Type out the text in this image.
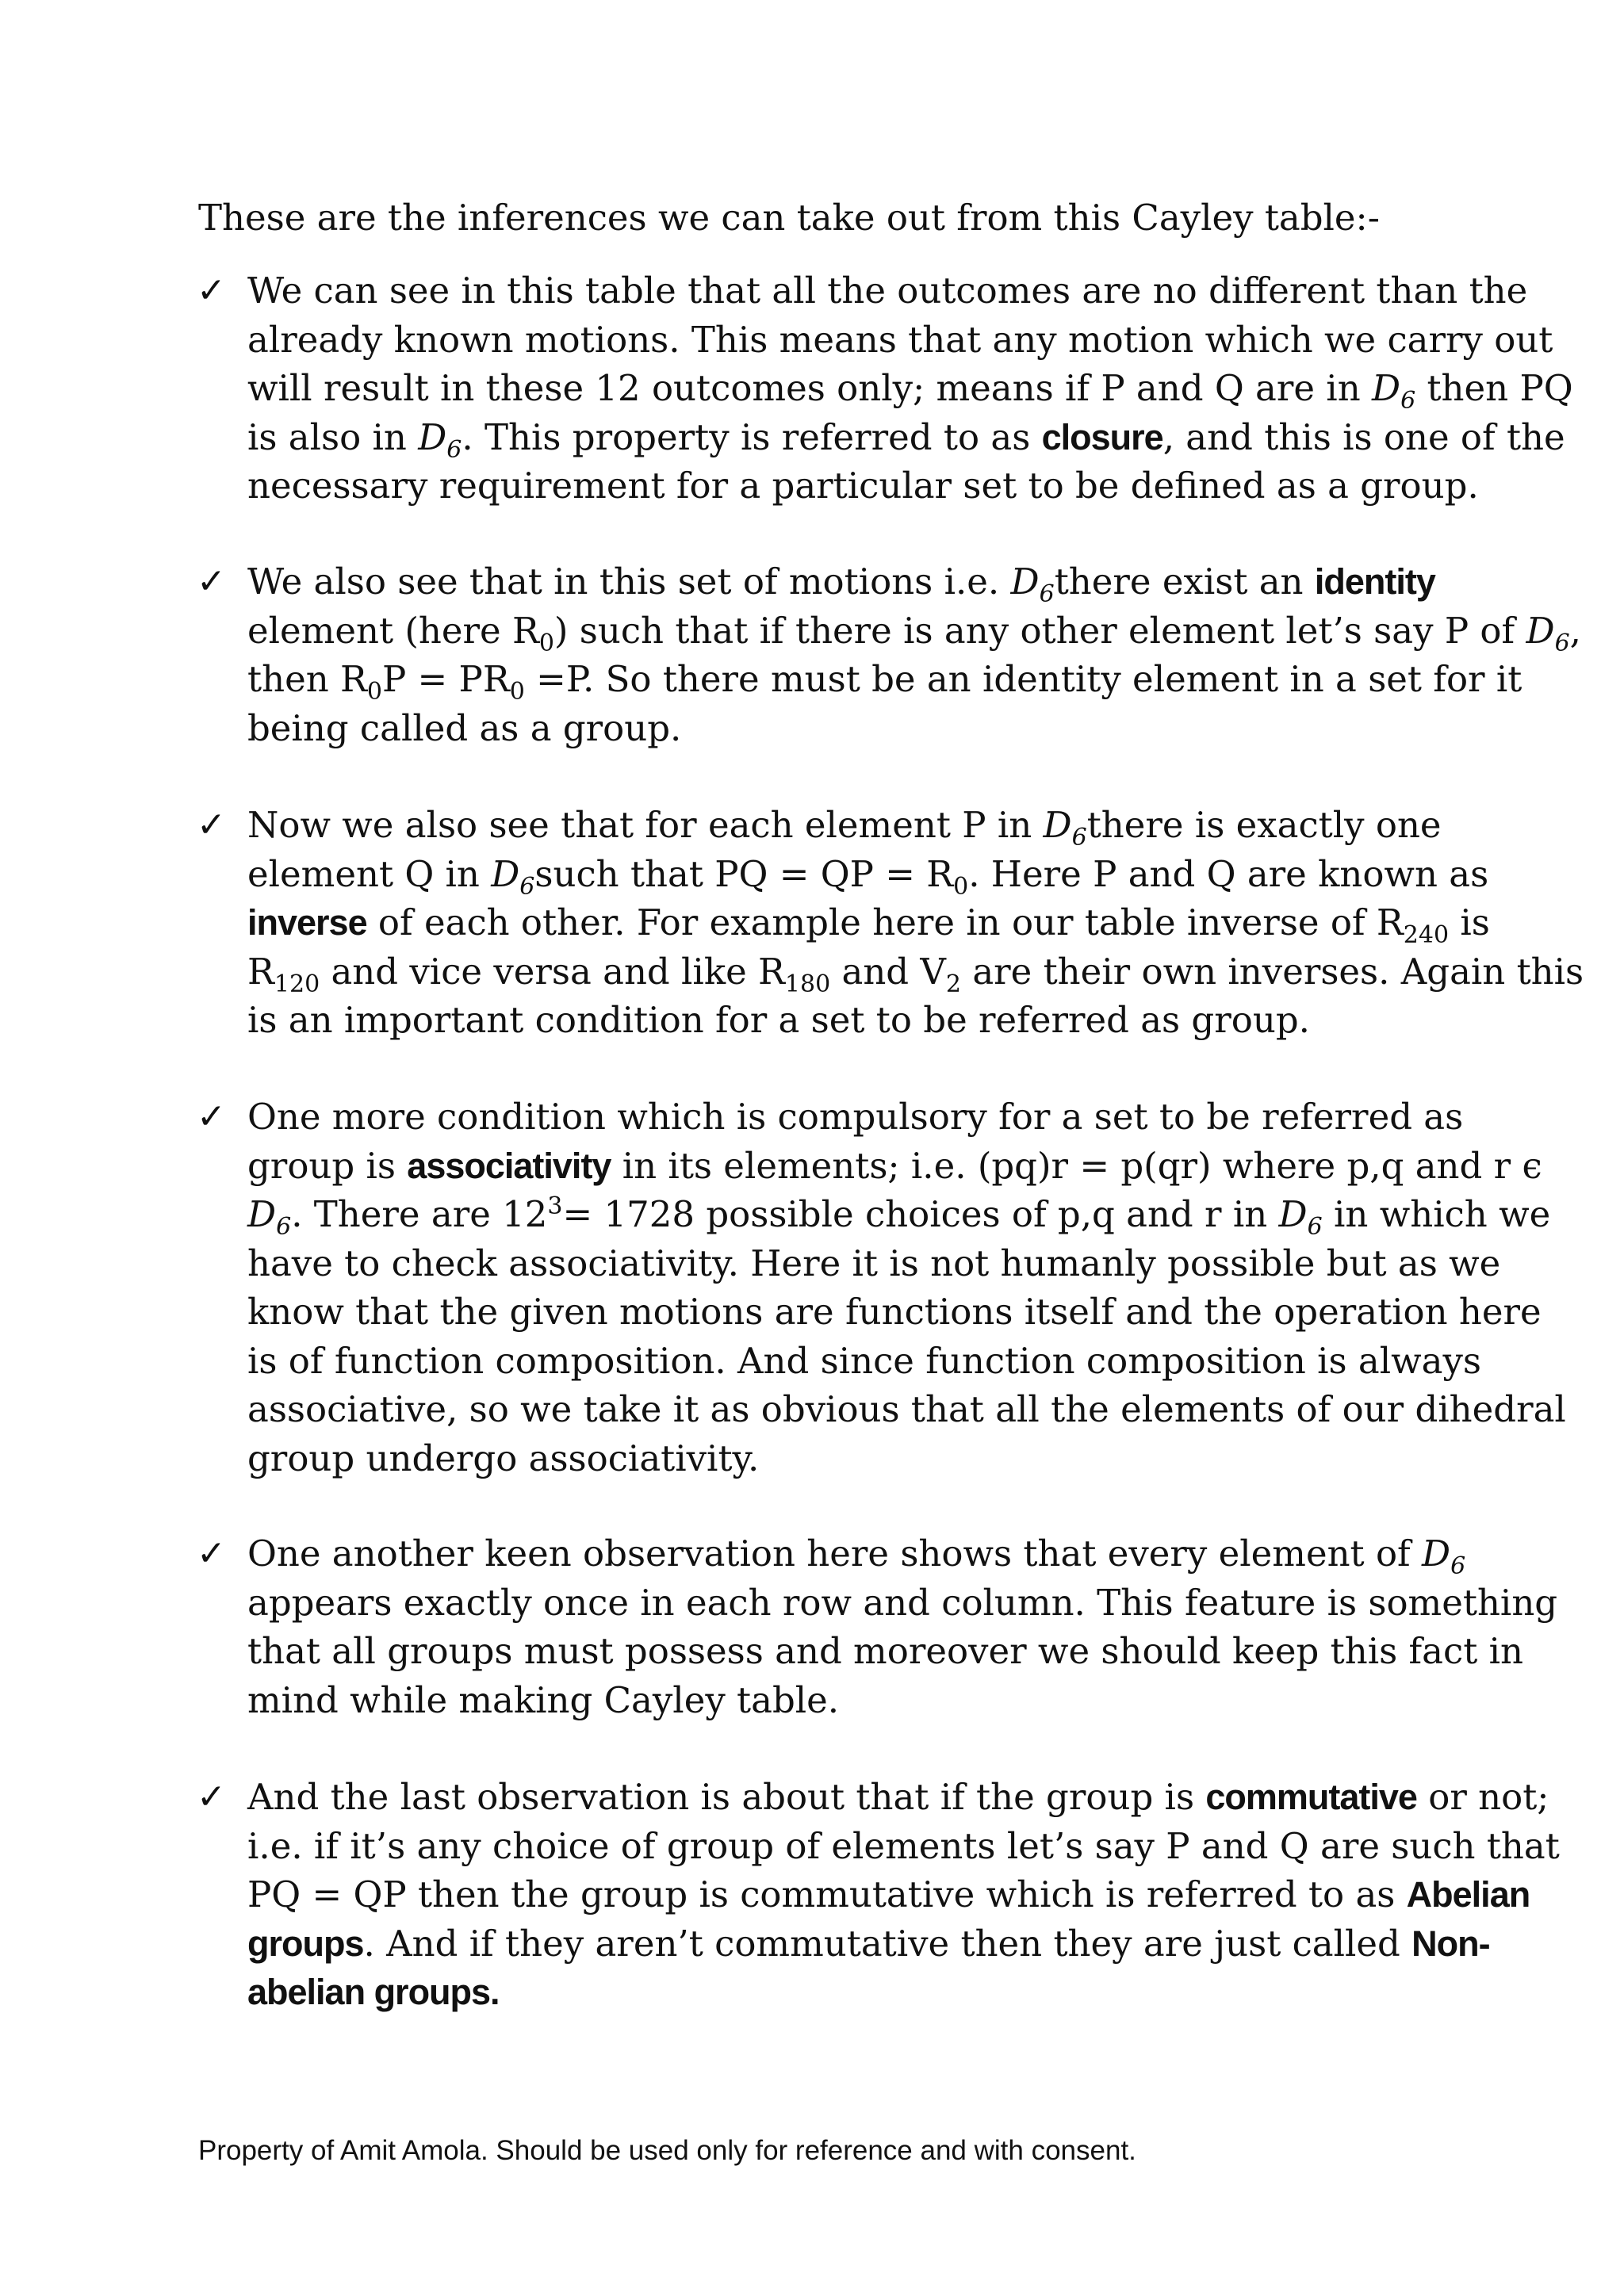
These are the inferences we can take out from this Cayley table:-

✓ We can see in this table that all the outcomes are no different than the
already known motions. This means that any motion which we carry out
will result in these 12 outcomes only; means if P and Q are in $D_6$ then PQ
is also in $D_6$. This property is referred to as closure, and this is one of the
necessary requirement for a particular set to be defined as a group.
✓ We also see that in this set of motions i.e. $D_6there$ exist an identity
element (here $R_0$) such that if there is any other element let’s say P of $D_6$,
then $R_0P = PR_0 =P$. So there must be an identity element in a set for it
being called as a group.
✓ Now we also see that for each element P in $D_6there$ is exactly one
element Q in $D_6such$ that PQ = QP = $R_0$. Here P and Q are known as
inverse of each other. For example here in our table inverse of $R_{240}$ is
$R_{120}$ and vice versa and like $R_{180}$ and $V_2$ are their own inverses. Again this
is an important condition for a set to be referred as group.
✓ One more condition which is compulsory for a set to be referred as
group is associativity in its elements; i.e. (pq)r = p(qr) where p,q and r ϵ
$D_6$. There are $12^3= 1728$ possible choices of p,q and r in $D_6$ in which we
have to check associativity. Here it is not humanly possible but as we
know that the given motions are functions itself and the operation here
is of function composition. And since function composition is always
associative, so we take it as obvious that all the elements of our dihedral
group undergo associativity.
✓ One another keen observation here shows that every element of $D_6$
appears exactly once in each row and column. This feature is something
that all groups must possess and moreover we should keep this fact in
mind while making Cayley table.
✓ And the last observation is about that if the group is commutative or not;
i.e. if it’s any choice of group of elements let’s say P and Q are such that
PQ = QP then the group is commutative which is referred to as Abelian
groups. And if they aren’t commutative then they are just called Non-
abelian groups.

Property of Amit Amola. Should be used only for reference and with consent.
